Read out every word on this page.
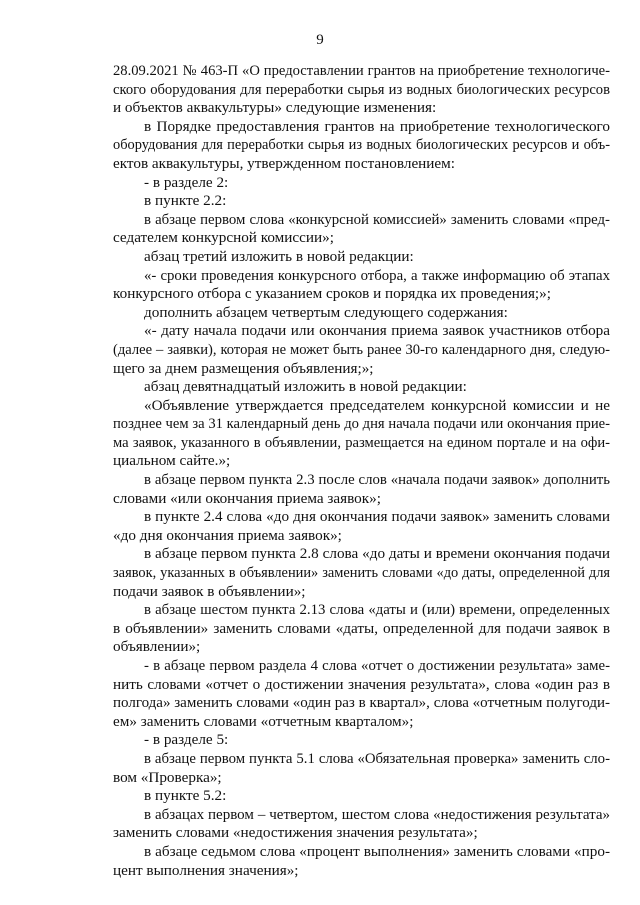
9
28.09.2021 № 463-П «О предоставлении грантов на приобретение технологиче-
ского оборудования для переработки сырья из водных биологических ресурсов
и объектов аквакультуры» следующие изменения:
в Порядке предоставления грантов на приобретение технологического
оборудования для переработки сырья из водных биологических ресурсов и объ-
ектов аквакультуры, утвержденном постановлением:
- в разделе 2:
в пункте 2.2:
в абзаце первом слова «конкурсной комиссией» заменить словами «пред-
седателем конкурсной комиссии»;
абзац третий изложить в новой редакции:
«- сроки проведения конкурсного отбора, а также информацию об этапах
конкурсного отбора с указанием сроков и порядка их проведения;»;
дополнить абзацем четвертым следующего содержания:
«- дату начала подачи или окончания приема заявок участников отбора
(далее – заявки), которая не может быть ранее 30-го календарного дня, следую-
щего за днем размещения объявления;»;
абзац девятнадцатый изложить в новой редакции:
«Объявление утверждается председателем конкурсной комиссии и не
позднее чем за 31 календарный день до дня начала подачи или окончания прие-
ма заявок, указанного в объявлении, размещается на едином портале и на офи-
циальном сайте.»;
в абзаце первом пункта 2.3 после слов «начала подачи заявок» дополнить
словами «или окончания приема заявок»;
в пункте 2.4 слова «до дня окончания подачи заявок» заменить словами
«до дня окончания приема заявок»;
в абзаце первом пункта 2.8 слова «до даты и времени окончания подачи
заявок, указанных в объявлении» заменить словами «до даты, определенной для
подачи заявок в объявлении»;
в абзаце шестом пункта 2.13 слова «даты и (или) времени, определенных
в объявлении» заменить словами «даты, определенной для подачи заявок в
объявлении»;
- в абзаце первом раздела 4 слова «отчет о достижении результата» заме-
нить словами «отчет о достижении значения результата», слова «один раз в
полгода» заменить словами «один раз в квартал», слова «отчетным полугоди-
ем» заменить словами «отчетным кварталом»;
- в разделе 5:
в абзаце первом пункта 5.1 слова «Обязательная проверка» заменить сло-
вом «Проверка»;
в пункте 5.2:
в абзацах первом – четвертом, шестом слова «недостижения результата»
заменить словами «недостижения значения результата»;
в абзаце седьмом слова «процент выполнения» заменить словами «про-
цент выполнения значения»;
